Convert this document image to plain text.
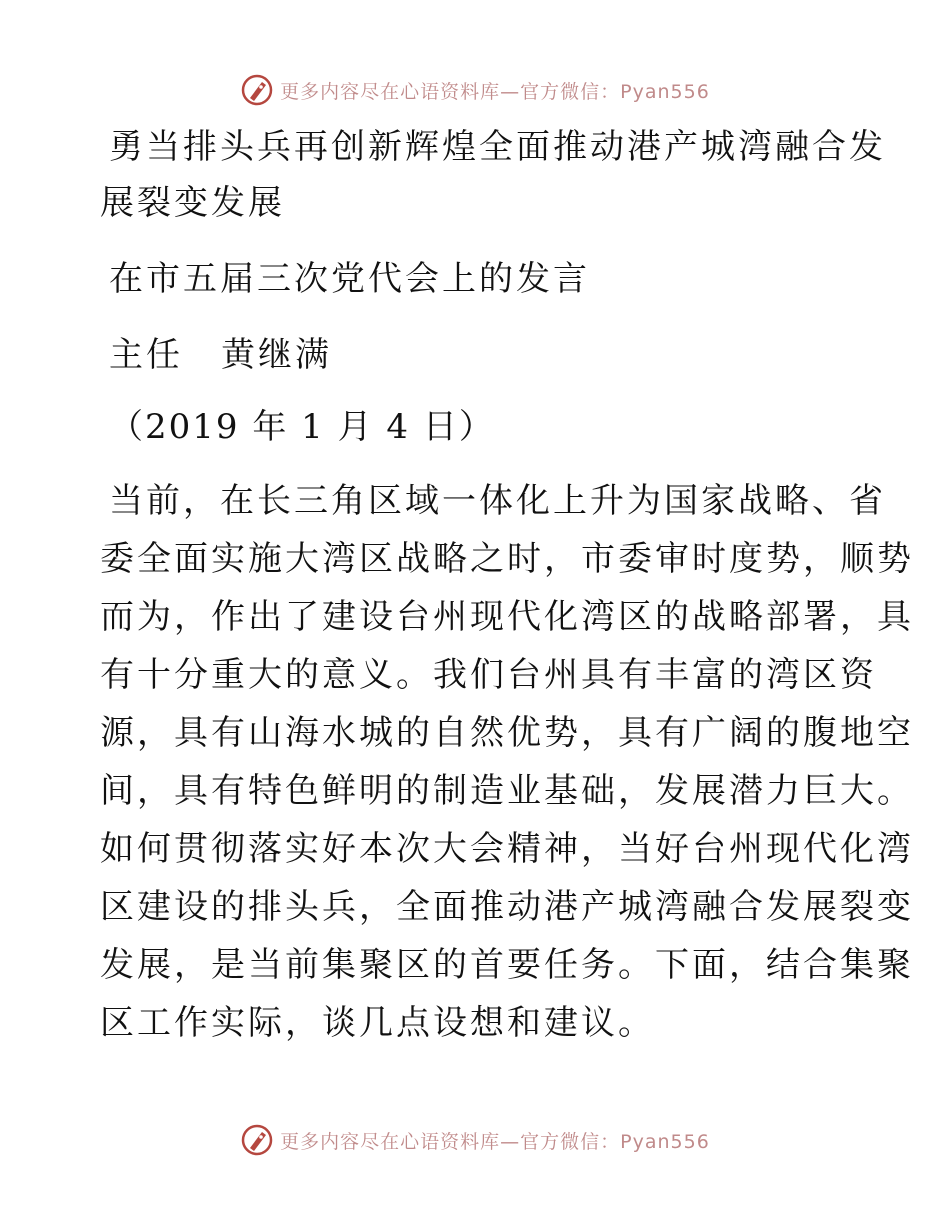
更多内容尽在心语资料库—官方微信：Pyan556
勇当排头兵再创新辉煌全面推动港产城湾融合发
展裂变发展
在市五届三次党代会上的发言
主任 黄继满
（2019 年 1 月 4 日）
当前，在长三角区域一体化上升为国家战略、省
委全面实施大湾区战略之时，市委审时度势，顺势
而为，作出了建设台州现代化湾区的战略部署，具
有十分重大的意义。我们台州具有丰富的湾区资
源，具有山海水城的自然优势，具有广阔的腹地空
间，具有特色鲜明的制造业基础，发展潜力巨大。
如何贯彻落实好本次大会精神，当好台州现代化湾
区建设的排头兵，全面推动港产城湾融合发展裂变
发展，是当前集聚区的首要任务。下面，结合集聚
区工作实际，谈几点设想和建议。
更多内容尽在心语资料库—官方微信：Pyan556
